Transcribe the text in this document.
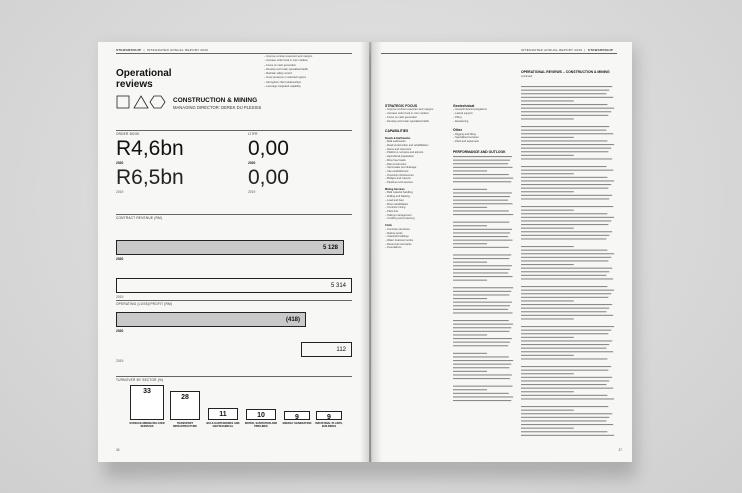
STEWARDSHIP  |  INTEGRATED ANNUAL REPORT 2020
Operational
reviews
CONSTRUCTION & MINING
MANAGING DIRECTOR: DEREK DU PLESSIS
– Improve contract execution and margins
– Increase order book in core markets
– Focus on cash generation
– Develop and retain specialised skills
– Maintain safety record
– Grow presence in selected regions
– Strengthen client relationships
– Leverage integrated capability
ORDER BOOK	LTIFR
R4,6bn	0,00
2020	2020
R6,5bn	0,00
2019	2019
CONTRACT REVENUE (RM)
2020
5 128
2019
5 314
OPERATING (LOSS)/PROFIT (RM)
(418)
2020
112
2019
TURNOVER BY SECTOR (%)
33
SURFACE MINING RELATED SERVICES
28
TRANSPORT INFRASTRUCTURE
11
BULK EARTHWORKS AND GEOTECHNICAL
10
WATER, SANITATION AND PIPELINES
9
ENERGY GENERATION
9
INDUSTRIAL PLANTS, BUILDINGS
36
INTEGRATED ANNUAL REPORT 2020  |  STEWARDSHIP
OPERATIONAL REVIEWS – CONSTRUCTION & MINING
continued
STRATEGIC FOCUS
– Improve contract execution and margins
– Increase order book in core markets
– Focus on cash generation
– Develop and retain specialised skills
CAPABILITIES
Roads & Earthworks
– Bulk earthworks
– Road construction and rehabilitation
– Dams and reservoirs
– Platforms, terraces and airports
– Agricultural preparation
– Mine haul roads
– Rail construction
– Stormwater and drainage
– Site establishment
– Township infrastructure
– Bridges and culverts
– Pipelines and services
Mining Services
– Bulk material handling
– Drilling and blasting
– Load and haul
– Mine rehabilitation
– Contract mining
– Plant hire
– Tailings management
– Crushing and screening
Civils
– Concrete structures
– Marine works
– Industrial buildings
– Water treatment works
– Reservoirs and tanks
– Foundations
Geotechnical
– Geotechnical investigations
– Lateral support
– Piling
– Dewatering
Other
– Rigging and lifting
– Specialised services
– Plant and equipment
PERFORMANCE AND OUTLOOK
37
